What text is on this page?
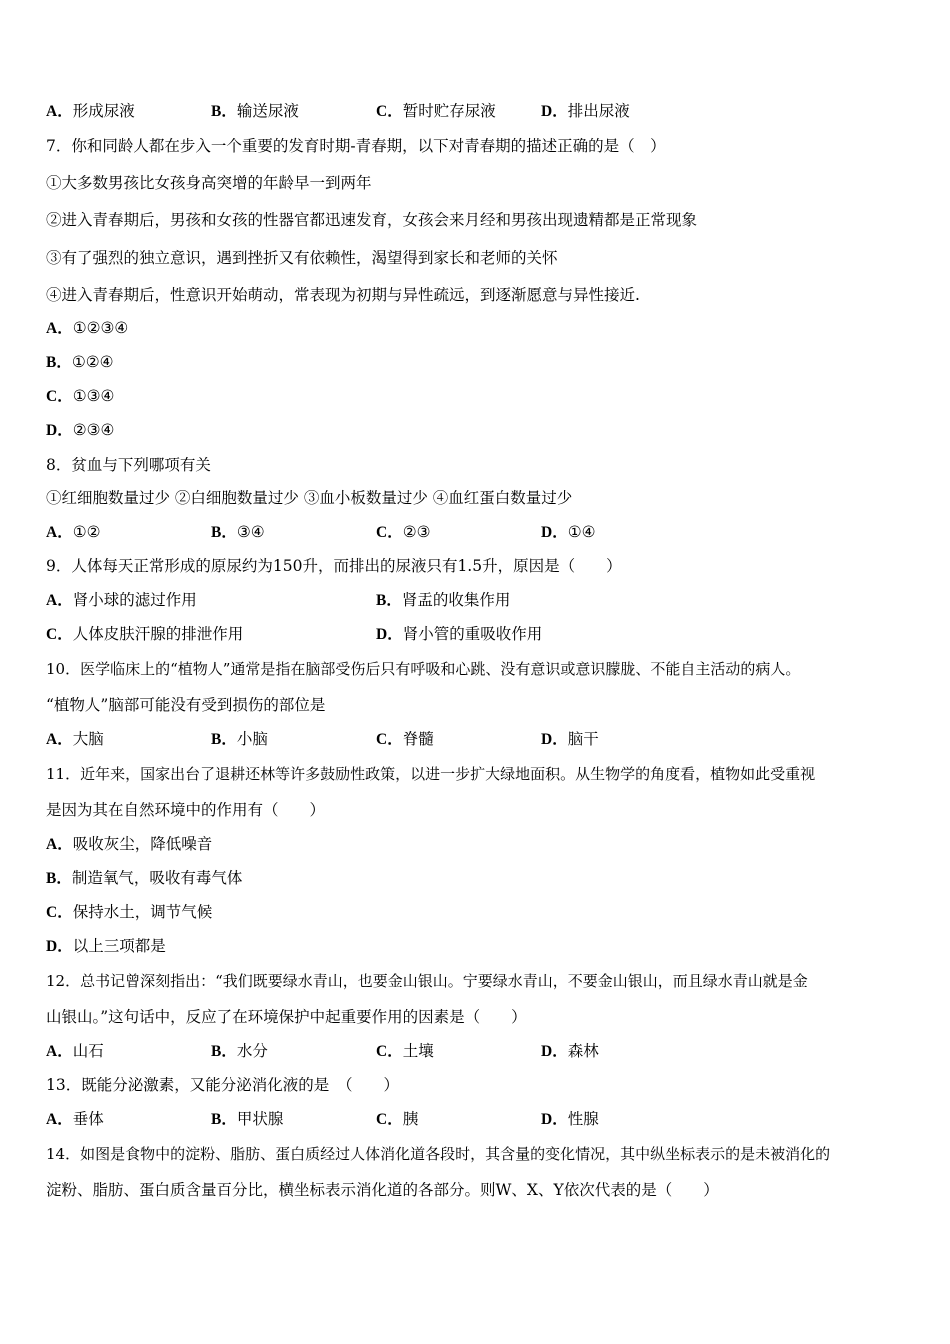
A．形成尿液	B．输送尿液	C．暂时贮存尿液	D．排出尿液
7．你和同龄人都在步入一个重要的发育时期-青春期，以下对青春期的描述正确的是（　）
①大多数男孩比女孩身高突增的年龄早一到两年
②进入青春期后，男孩和女孩的性器官都迅速发育，女孩会来月经和男孩出现遗精都是正常现象
③有了强烈的独立意识，遇到挫折又有依赖性，渴望得到家长和老师的关怀
④进入青春期后，性意识开始萌动，常表现为初期与异性疏远，到逐渐愿意与异性接近.
A．①②③④
B．①②④
C．①③④
D．②③④
8．贫血与下列哪项有关
①红细胞数量过少 ②白细胞数量过少 ③血小板数量过少 ④血红蛋白数量过少
A．①②	B．③④	C．②③	D．①④
9．人体每天正常形成的原尿约为150升，而排出的尿液只有1.5升，原因是（　　）
A．肾小球的滤过作用	B．肾盂的收集作用
C．人体皮肤汗腺的排泄作用	D．肾小管的重吸收作用
10．医学临床上的“植物人”通常是指在脑部受伤后只有呼吸和心跳、没有意识或意识朦胧、不能自主活动的病人。
“植物人”脑部可能没有受到损伤的部位是
A．大脑	B．小脑	C．脊髓	D．脑干
11．近年来，国家出台了退耕还林等许多鼓励性政策，以进一步扩大绿地面积。从生物学的角度看，植物如此受重视
是因为其在自然环境中的作用有（　　）
A．吸收灰尘，降低噪音
B．制造氧气，吸收有毒气体
C．保持水土，调节气候
D．以上三项都是
12．总书记曾深刻指出：“我们既要绿水青山，也要金山银山。宁要绿水青山，不要金山银山，而且绿水青山就是金
山银山。”这句话中，反应了在环境保护中起重要作用的因素是（　　）
A．山石	B．水分	C．土壤	D．森林
13．既能分泌激素，又能分泌消化液的是　（　　）
A．垂体	B．甲状腺	C．胰	D．性腺
14．如图是食物中的淀粉、脂肪、蛋白质经过人体消化道各段时，其含量的变化情况，其中纵坐标表示的是未被消化的
淀粉、脂肪、蛋白质含量百分比，横坐标表示消化道的各部分。则W、X、Y依次代表的是（　　）
